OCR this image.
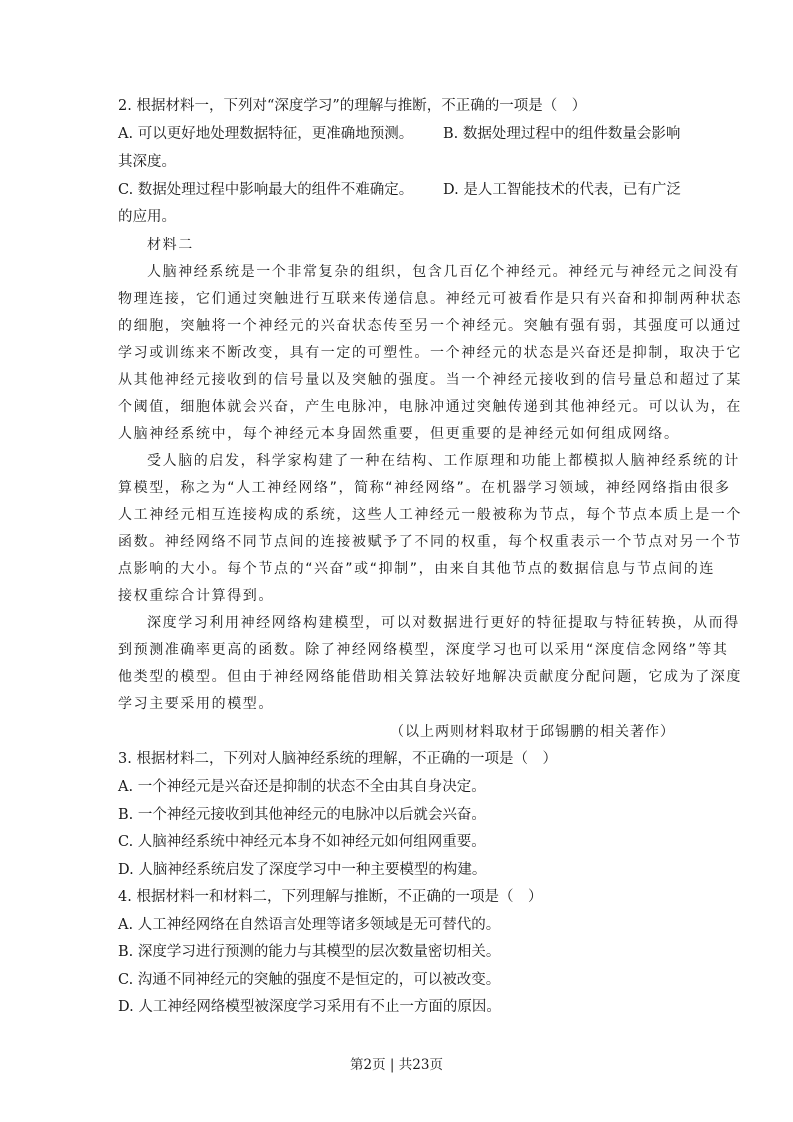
2. 根据材料一，下列对“深度学习”的理解与推断，不正确的一项是（　）
A. 可以更好地处理数据特征，更准确地预测。 B. 数据处理过程中的组件数量会影响
其深度。
C. 数据处理过程中影响最大的组件不难确定。 D. 是人工智能技术的代表，已有广泛
的应用。
材料二
人脑神经系统是一个非常复杂的组织，包含几百亿个神经元。神经元与神经元之间没有
物理连接，它们通过突触进行互联来传递信息。神经元可被看作是只有兴奋和抑制两种状态
的细胞，突触将一个神经元的兴奋状态传至另一个神经元。突触有强有弱，其强度可以通过
学习或训练来不断改变，具有一定的可塑性。一个神经元的状态是兴奋还是抑制，取决于它
从其他神经元接收到的信号量以及突触的强度。当一个神经元接收到的信号量总和超过了某
个阈值，细胞体就会兴奋，产生电脉冲，电脉冲通过突触传递到其他神经元。可以认为，在
人脑神经系统中，每个神经元本身固然重要，但更重要的是神经元如何组成网络。
受人脑的启发，科学家构建了一种在结构、工作原理和功能上都模拟人脑神经系统的计
算模型，称之为“人工神经网络”，简称“神经网络”。在机器学习领域，神经网络指由很多
人工神经元相互连接构成的系统，这些人工神经元一般被称为节点，每个节点本质上是一个
函数。神经网络不同节点间的连接被赋予了不同的权重，每个权重表示一个节点对另一个节
点影响的大小。每个节点的“兴奋”或“抑制”，由来自其他节点的数据信息与节点间的连
接权重综合计算得到。
深度学习利用神经网络构建模型，可以对数据进行更好的特征提取与特征转换，从而得
到预测准确率更高的函数。除了神经网络模型，深度学习也可以采用“深度信念网络”等其
他类型的模型。但由于神经网络能借助相关算法较好地解决贡献度分配问题，它成为了深度
学习主要采用的模型。
（以上两则材料取材于邱锡鹏的相关著作）
3. 根据材料二，下列对人脑神经系统的理解，不正确的一项是（　）
A. 一个神经元是兴奋还是抑制的状态不全由其自身决定。
B. 一个神经元接收到其他神经元的电脉冲以后就会兴奋。
C. 人脑神经系统中神经元本身不如神经元如何组网重要。
D. 人脑神经系统启发了深度学习中一种主要模型的构建。
4. 根据材料一和材料二，下列理解与推断，不正确的一项是（　）
A. 人工神经网络在自然语言处理等诸多领域是无可替代的。
B. 深度学习进行预测的能力与其模型的层次数量密切相关。
C. 沟通不同神经元的突触的强度不是恒定的，可以被改变。
D. 人工神经网络模型被深度学习采用有不止一方面的原因。
第2页 | 共23页
